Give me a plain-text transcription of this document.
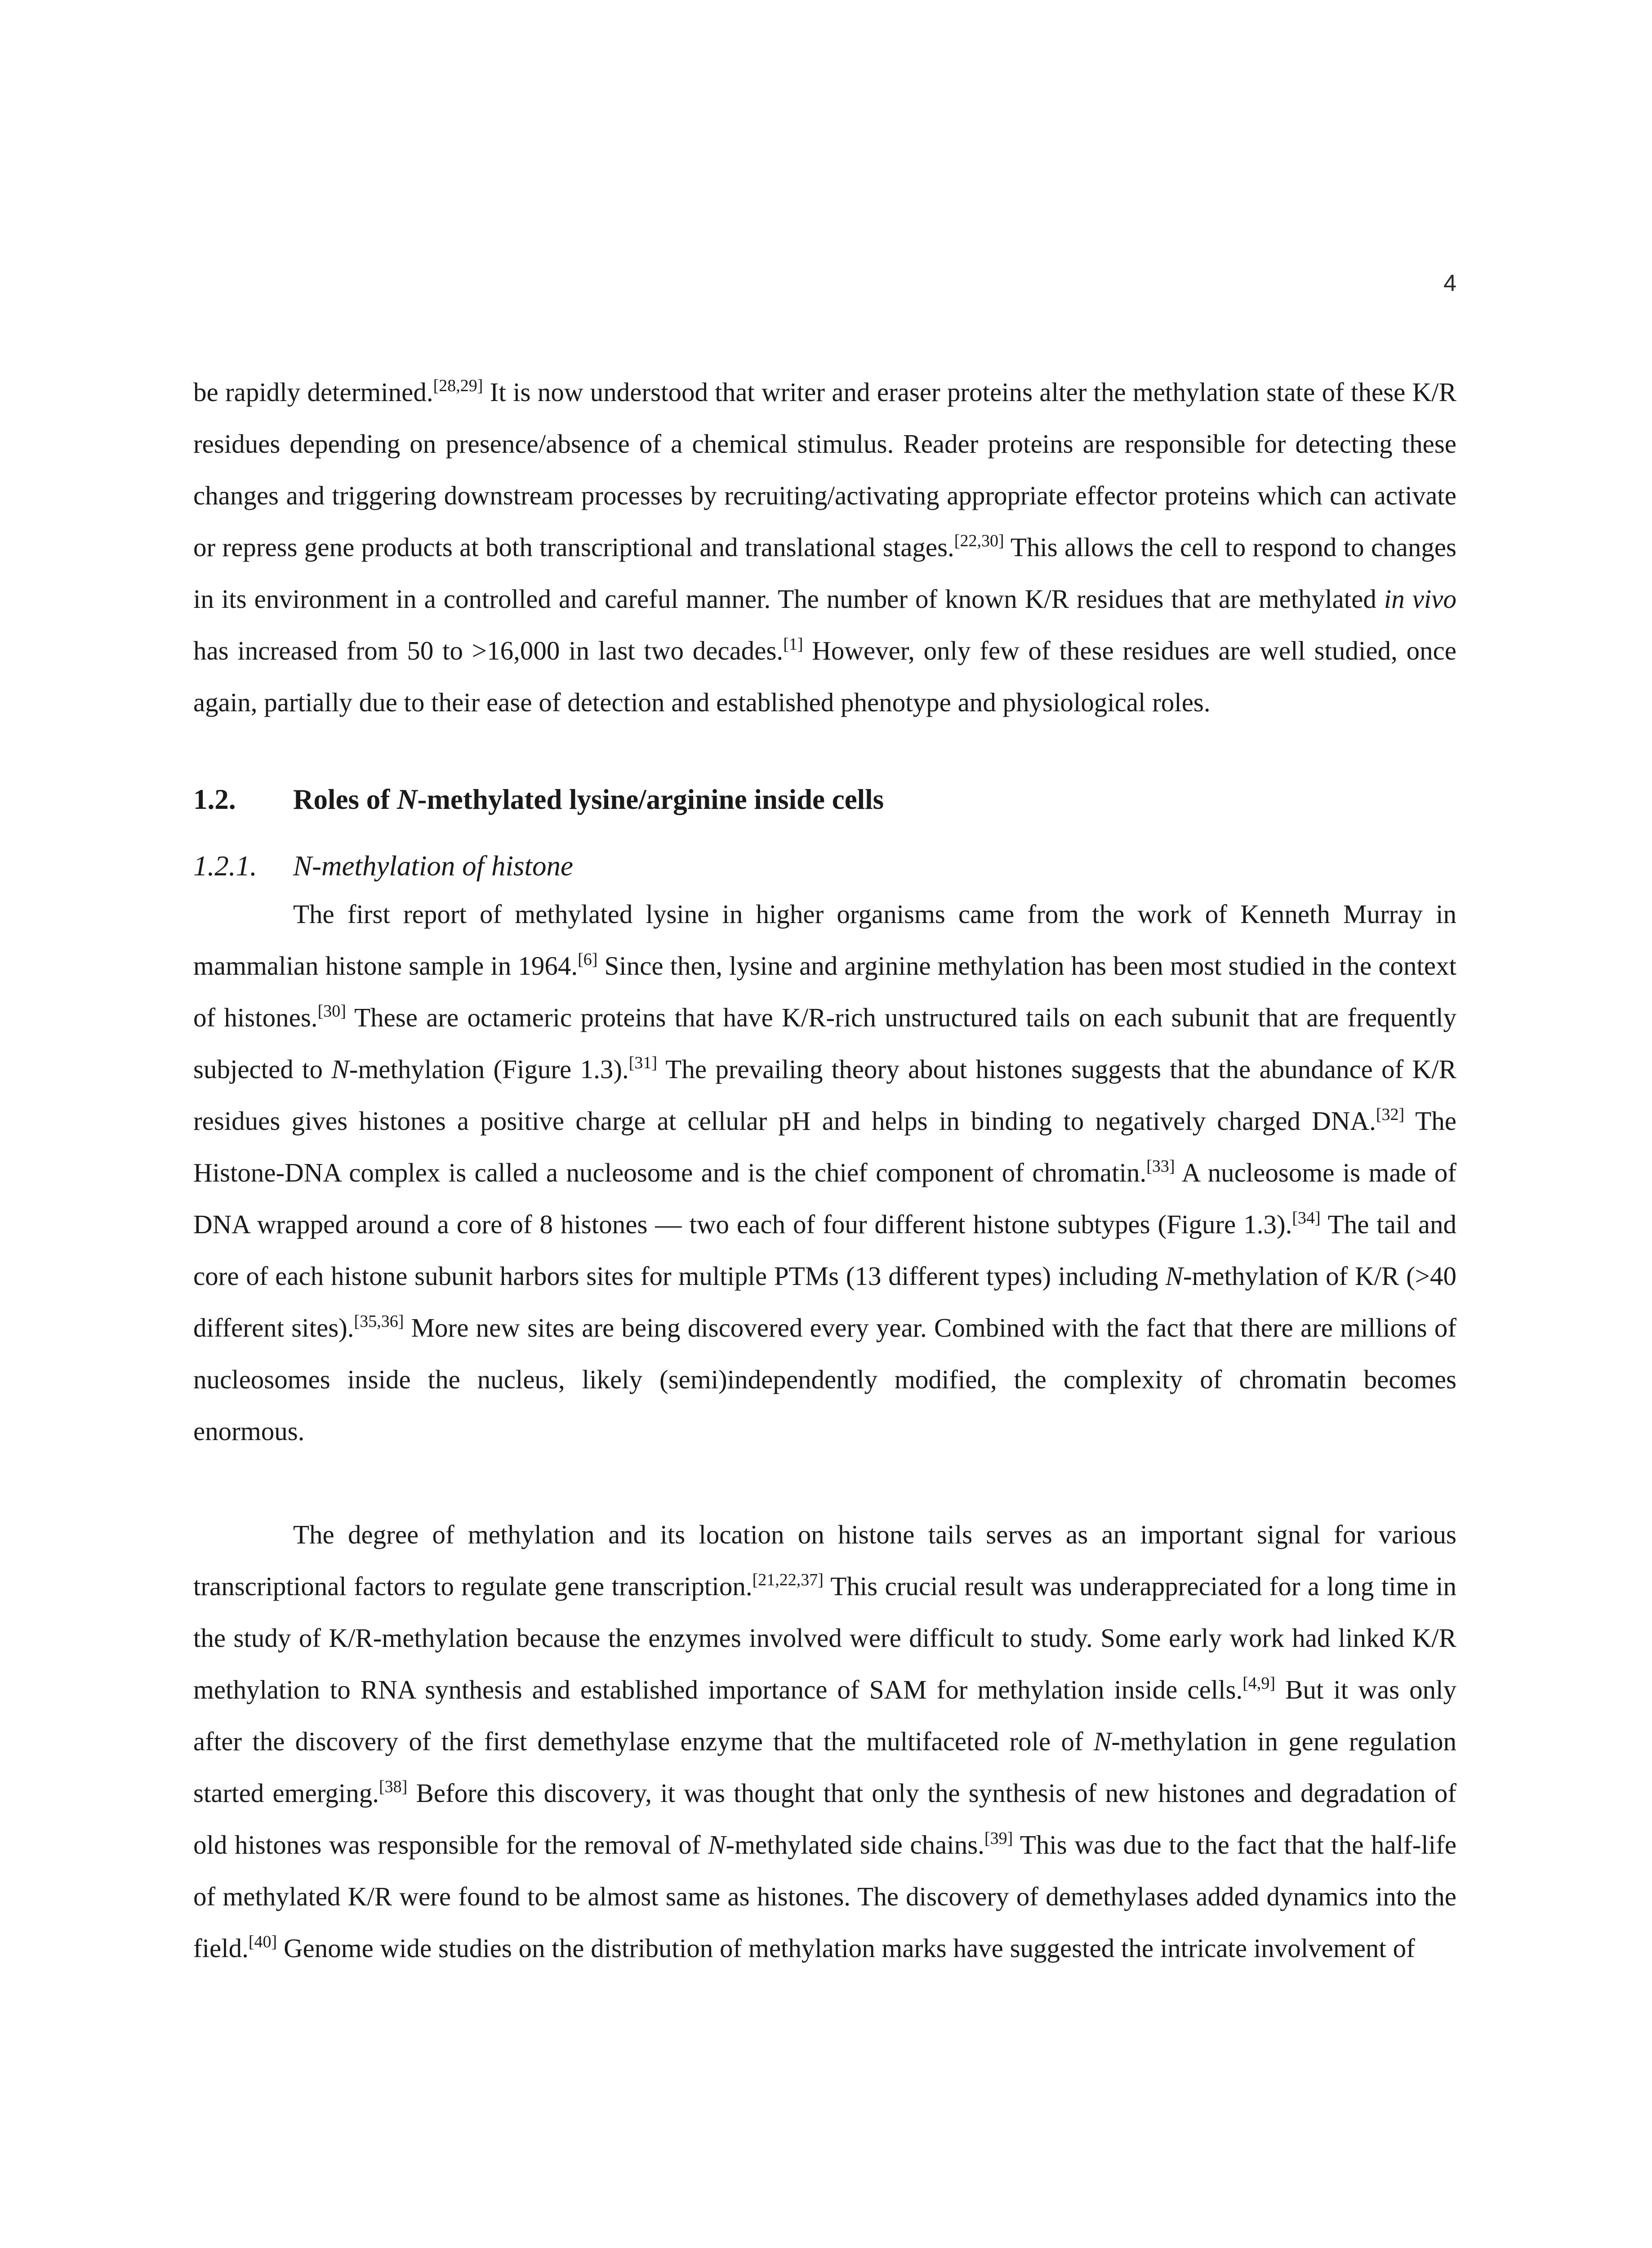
4

be rapidly determined.[28,29] It is now understood that writer and eraser proteins alter the methylation state of these K/R residues depending on presence/absence of a chemical stimulus. Reader proteins are responsible for detecting these changes and triggering downstream processes by recruiting/activating appropriate effector proteins which can activate or repress gene products at both transcriptional and translational stages.[22,30] This allows the cell to respond to changes in its environment in a controlled and careful manner. The number of known K/R residues that are methylated in vivo has increased from 50 to >16,000 in last two decades.[1] However, only few of these residues are well studied, once again, partially due to their ease of detection and established phenotype and physiological roles.

1.2. Roles of N-methylated lysine/arginine inside cells
1.2.1. N-methylation of histone

The first report of methylated lysine in higher organisms came from the work of Kenneth Murray in mammalian histone sample in 1964.[6] Since then, lysine and arginine methylation has been most studied in the context of histones.[30] These are octameric proteins that have K/R-rich unstructured tails on each subunit that are frequently subjected to N-methylation (Figure 1.3).[31] The prevailing theory about histones suggests that the abundance of K/R residues gives histones a positive charge at cellular pH and helps in binding to negatively charged DNA.[32] The Histone-DNA complex is called a nucleosome and is the chief component of chromatin.[33] A nucleosome is made of DNA wrapped around a core of 8 histones — two each of four different histone subtypes (Figure 1.3).[34] The tail and core of each histone subunit harbors sites for multiple PTMs (13 different types) including N-methylation of K/R (>40 different sites).[35,36] More new sites are being discovered every year. Combined with the fact that there are millions of nucleosomes inside the nucleus, likely (semi)independently modified, the complexity of chromatin becomes enormous.

The degree of methylation and its location on histone tails serves as an important signal for various transcriptional factors to regulate gene transcription.[21,22,37] This crucial result was underappreciated for a long time in the study of K/R-methylation because the enzymes involved were difficult to study. Some early work had linked K/R methylation to RNA synthesis and established importance of SAM for methylation inside cells.[4,9] But it was only after the discovery of the first demethylase enzyme that the multifaceted role of N-methylation in gene regulation started emerging.[38] Before this discovery, it was thought that only the synthesis of new histones and degradation of old histones was responsible for the removal of N-methylated side chains.[39] This was due to the fact that the half-life of methylated K/R were found to be almost same as histones. The discovery of demethylases added dynamics into the field.[40] Genome wide studies on the distribution of methylation marks have suggested the intricate involvement of
